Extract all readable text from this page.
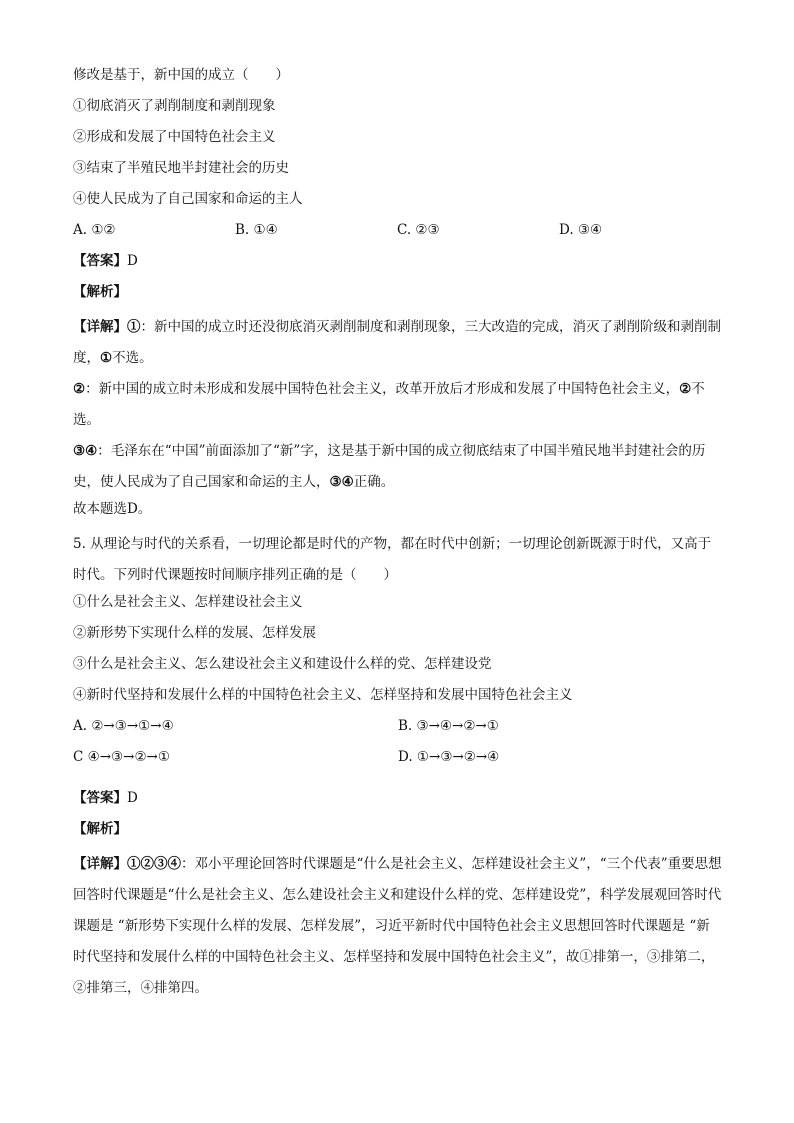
修改是基于，新中国的成立（　　）
①彻底消灭了剥削制度和剥削现象
②形成和发展了中国特色社会主义
③结束了半殖民地半封建社会的历史
④使人民成为了自己国家和命运的主人
A. ①②	B. ①④	C. ②③	D. ③④
【答案】D
【解析】
【详解】①：新中国的成立时还没彻底消灭剥削制度和剥削现象，三大改造的完成，消灭了剥削阶级和剥削制度，①不选。
②：新中国的成立时未形成和发展中国特色社会主义，改革开放后才形成和发展了中国特色社会主义，②不选。
③④：毛泽东在“中国”前面添加了“新”字，这是基于新中国的成立彻底结束了中国半殖民地半封建社会的历史，使人民成为了自己国家和命运的主人，③④正确。
故本题选D。
5. 从理论与时代的关系看，一切理论都是时代的产物，都在时代中创新；一切理论创新既源于时代，又高于时代。下列时代课题按时间顺序排列正确的是（　　）
①什么是社会主义、怎样建设社会主义
②新形势下实现什么样的发展、怎样发展
③什么是社会主义、怎么建设社会主义和建设什么样的党、怎样建设党
④新时代坚持和发展什么样的中国特色社会主义、怎样坚持和发展中国特色社会主义
A. ②→③→①→④	B. ③→④→②→①
C ④→③→②→①	D. ①→③→②→④
【答案】D
【解析】
【详解】①②③④：邓小平理论回答时代课题是“什么是社会主义、怎样建设社会主义”，“三个代表”重要思想回答时代课题是“什么是社会主义、怎么建设社会主义和建设什么样的党、怎样建设党”，科学发展观回答时代课题是 “新形势下实现什么样的发展、怎样发展”，习近平新时代中国特色社会主义思想回答时代课题是 “新时代坚持和发展什么样的中国特色社会主义、怎样坚持和发展中国特色社会主义”，故①排第一，③排第二，②排第三，④排第四。
